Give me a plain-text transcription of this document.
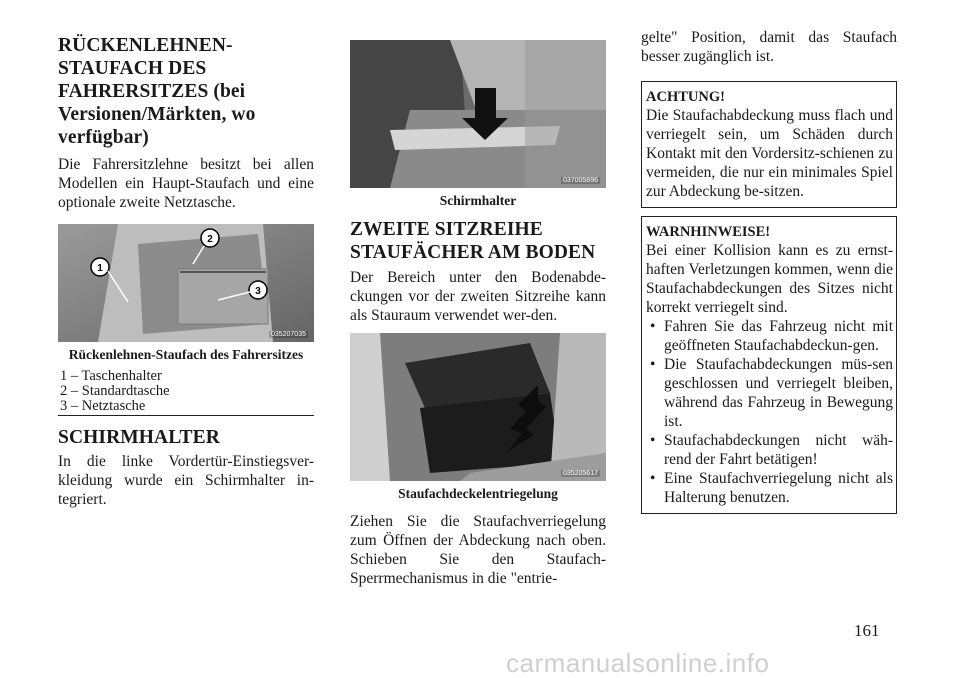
RÜCKENLEHNEN-
STAUFACH DES
FAHRERSITZES (bei
Versionen/Märkten, wo
verfügbar)

Die Fahrersitzlehne besitzt bei allen Modellen ein Haupt-Staufach und eine optionale zweite Netztasche.

1
2
3
035207035
Rückenlehnen-Staufach des Fahrersitzes
1 – Taschenhalter
2 – Standardtasche
3 – Netztasche
SCHIRMHALTER

In die linke Vordertür-Einstiegsver-kleidung wurde ein Schirmhalter in-tegriert.

037005896
Schirmhalter
ZWEITE SITZREIHE
STAUFÄCHER AM BODEN

Der Bereich unter den Bodenabde-ckungen vor der zweiten Sitzreihe kann als Stauraum verwendet wer-den.

035205617
Staufachdeckelentriegelung

Ziehen Sie die Staufachverriegelung zum Öffnen der Abdeckung nach oben. Schieben Sie den Staufach-Sperrmechanismus in die "entrie-

gelte" Position, damit das Staufach besser zugänglich ist.

ACHTUNG!

Die Staufachabdeckung muss flach und verriegelt sein, um Schäden durch Kontakt mit den Vordersitz-schienen zu vermeiden, die nur ein minimales Spiel zur Abdeckung be-sitzen.

WARNHINWEISE!

Bei einer Kollision kann es zu ernst-haften Verletzungen kommen, wenn die Staufachabdeckungen des Sitzes nicht korrekt verriegelt sind.

• Fahren Sie das Fahrzeug nicht mit geöffneten Staufachabdeckun-gen.
• Die Staufachabdeckungen müs-sen geschlossen und verriegelt bleiben, während das Fahrzeug in Bewegung ist.
• Staufachabdeckungen nicht wäh-rend der Fahrt betätigen!
• Eine Staufachverriegelung nicht als Halterung benutzen.
161
carmanualsonline.info
